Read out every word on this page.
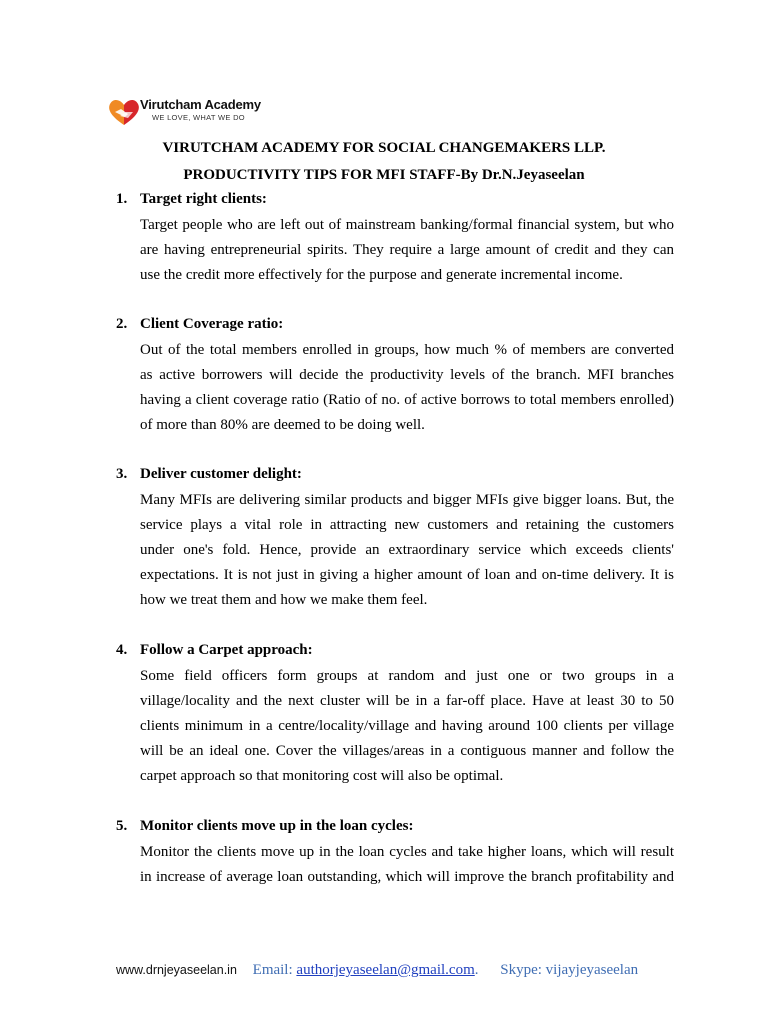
Virutcham Academy
WE LOVE, WHAT WE DO
VIRUTCHAM ACADEMY FOR SOCIAL CHANGEMAKERS LLP.
PRODUCTIVITY TIPS FOR MFI STAFF-By Dr.N.Jeyaseelan
1. Target right clients:
Target people who are left out of mainstream banking/formal financial system, but who
are having entrepreneurial spirits. They require a large amount of credit and they can
use the credit more effectively for the purpose and generate incremental income.
2. Client Coverage ratio:
Out of the total members enrolled in groups, how much % of members are converted
as active borrowers will decide the productivity levels of the branch. MFI branches
having a client coverage ratio (Ratio of no. of active borrows to total members enrolled)
of more than 80% are deemed to be doing well.
3. Deliver customer delight:
Many MFIs are delivering similar products and bigger MFIs give bigger loans. But, the
service plays a vital role in attracting new customers and retaining the customers
under one's fold. Hence, provide an extraordinary service which exceeds clients'
expectations. It is not just in giving a higher amount of loan and on-time delivery. It is
how we treat them and how we make them feel.
4. Follow a Carpet approach:
Some field officers form groups at random and just one or two groups in a
village/locality and the next cluster will be in a far-off place. Have at least 30 to 50
clients minimum in a centre/locality/village and having around 100 clients per village
will be an ideal one. Cover the villages/areas in a contiguous manner and follow the
carpet approach so that monitoring cost will also be optimal.
5. Monitor clients move up in the loan cycles:
Monitor the clients move up in the loan cycles and take higher loans, which will result
in increase of average loan outstanding, which will improve the branch profitability and
www.drnjeyaseelan.in Email: authorjeyaseelan@gmail.com. Skype: vijayjeyaseelan
